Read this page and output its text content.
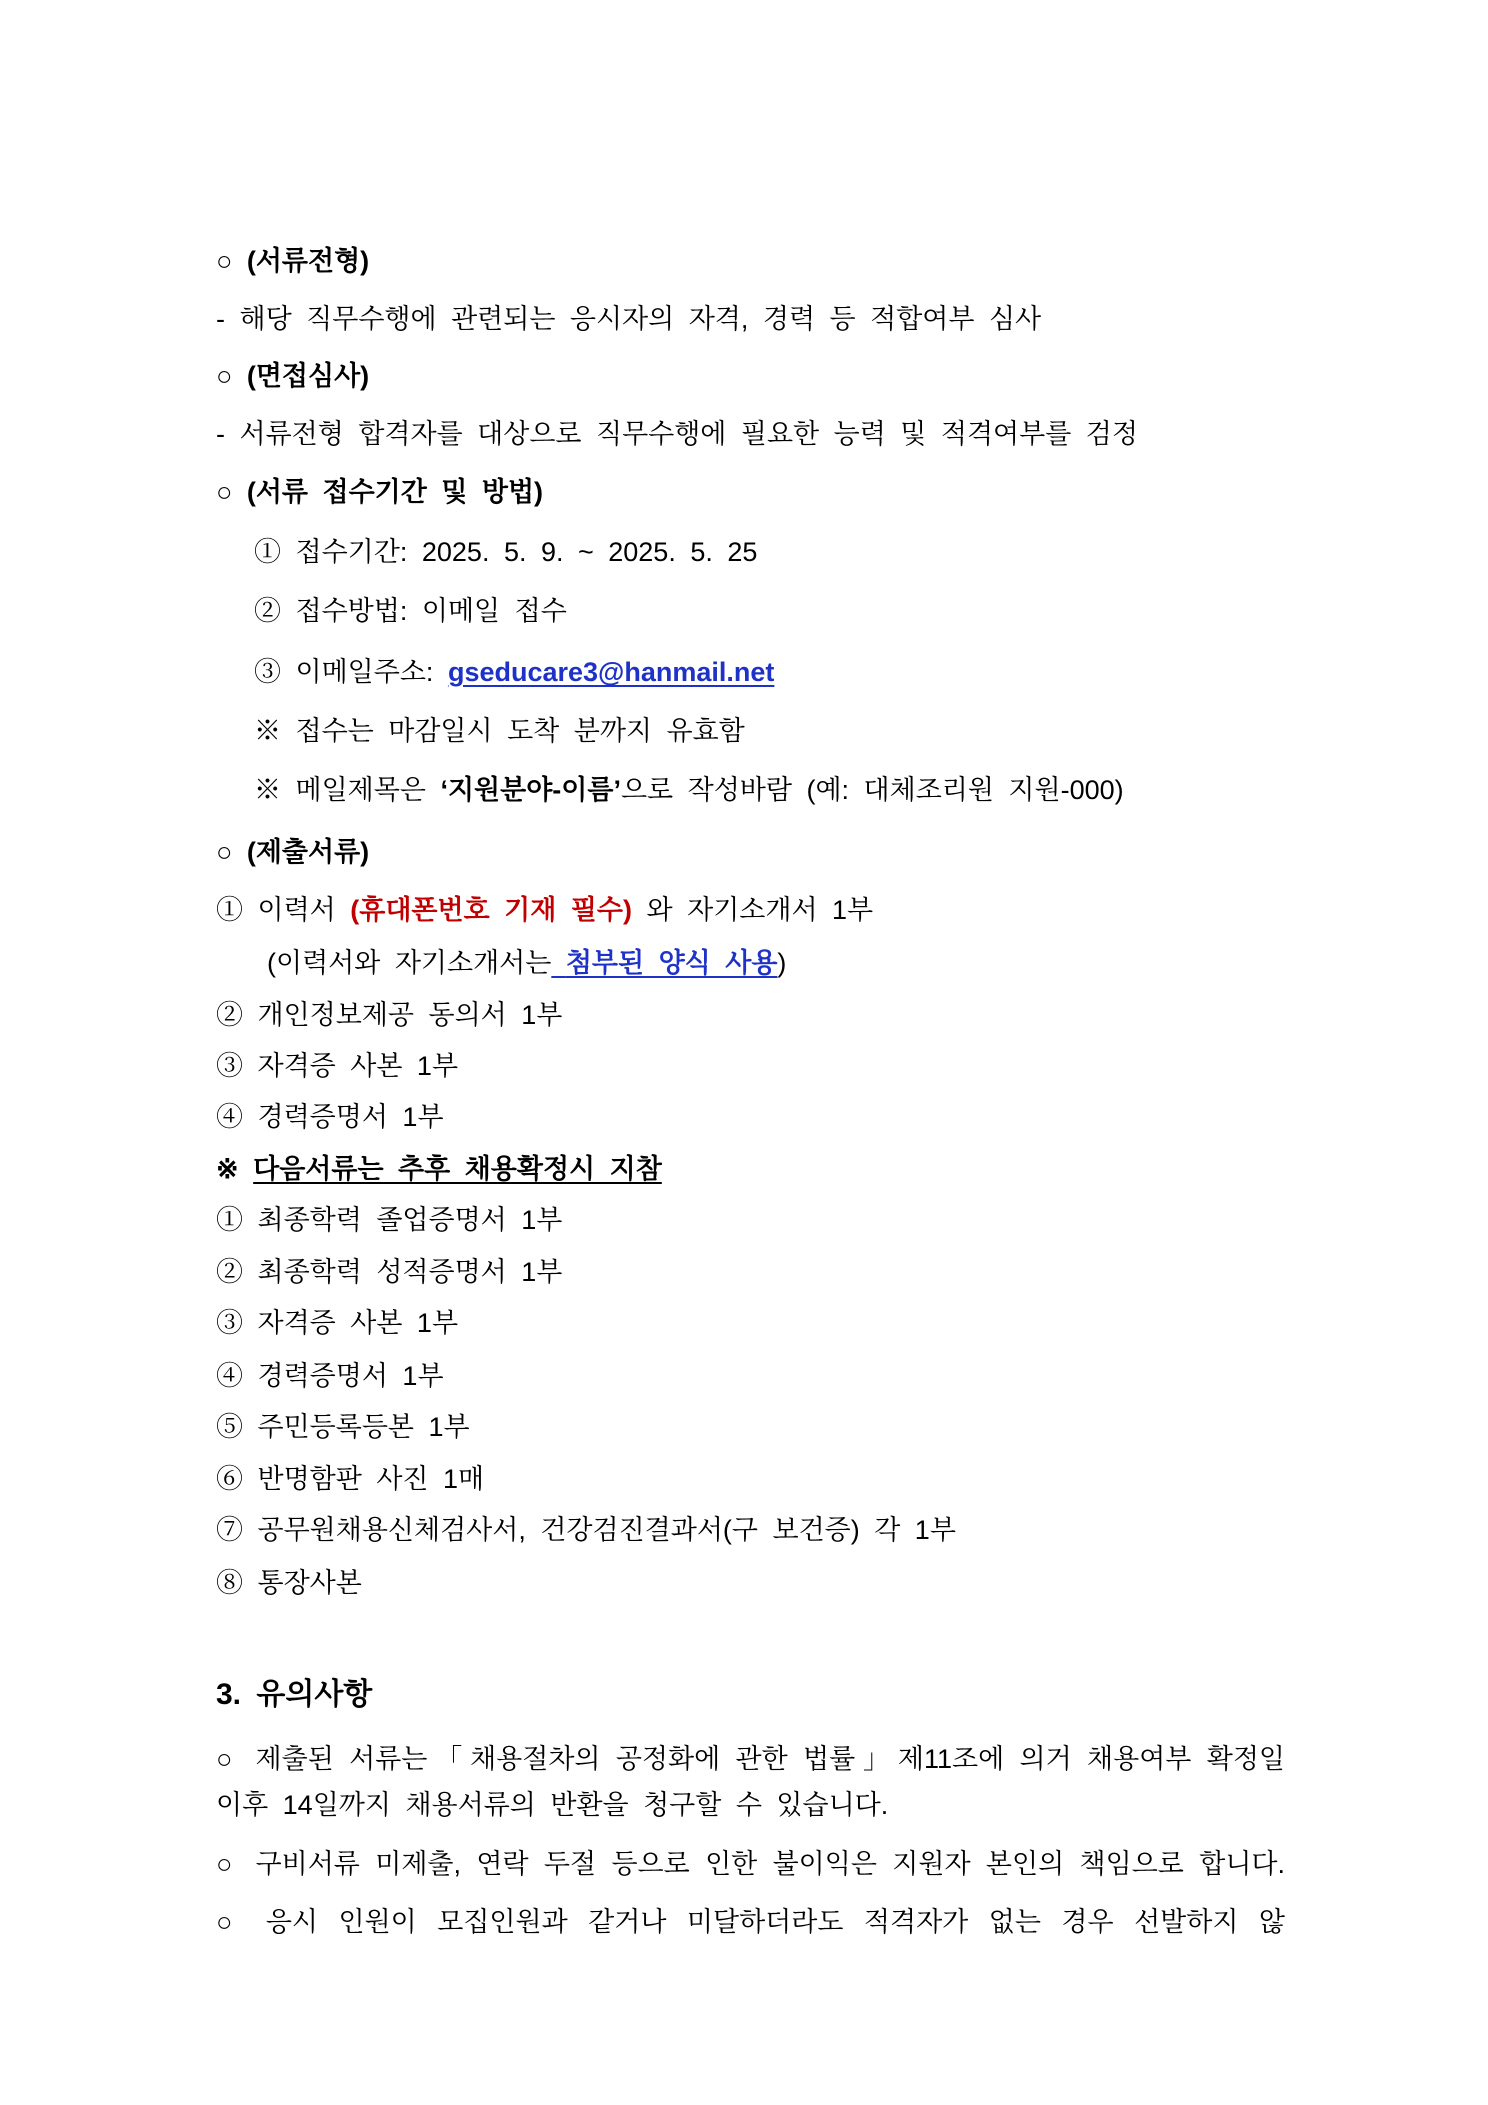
○ (서류전형)
- 해당 직무수행에 관련되는 응시자의 자격, 경력 등 적합여부 심사
○ (면접심사)
- 서류전형 합격자를 대상으로 직무수행에 필요한 능력 및 적격여부를 검정
○ (서류 접수기간 및 방법)
① 접수기간: 2025. 5. 9. ~ 2025. 5. 25
② 접수방법: 이메일 접수
③ 이메일주소: gseducare3@hanmail.net
※ 접수는 마감일시 도착 분까지 유효함
※ 메일제목은 ‘지원분야-이름’으로 작성바람 (예: 대체조리원 지원-000)
○ (제출서류)
① 이력서 (휴대폰번호 기재 필수) 와 자기소개서 1부
(이력서와 자기소개서는 첨부된 양식 사용)
② 개인정보제공 동의서 1부
③ 자격증 사본 1부
④ 경력증명서 1부
※ 다음서류는 추후 채용확정시 지참
① 최종학력 졸업증명서 1부
② 최종학력 성적증명서 1부
③ 자격증 사본 1부
④ 경력증명서 1부
⑤ 주민등록등본 1부
⑥ 반명함판 사진 1매
⑦ 공무원채용신체검사서, 건강검진결과서(구 보건증) 각 1부
⑧ 통장사본
3. 유의사항
○ 제출된 서류는「채용절차의 공정화에 관한 법률」제11조에 의거 채용여부 확정일
이후 14일까지 채용서류의 반환을 청구할 수 있습니다.
○ 구비서류 미제출, 연락 두절 등으로 인한 불이익은 지원자 본인의 책임으로 합니다.
○ 응시 인원이 모집인원과 같거나 미달하더라도 적격자가 없는 경우 선발하지 않
